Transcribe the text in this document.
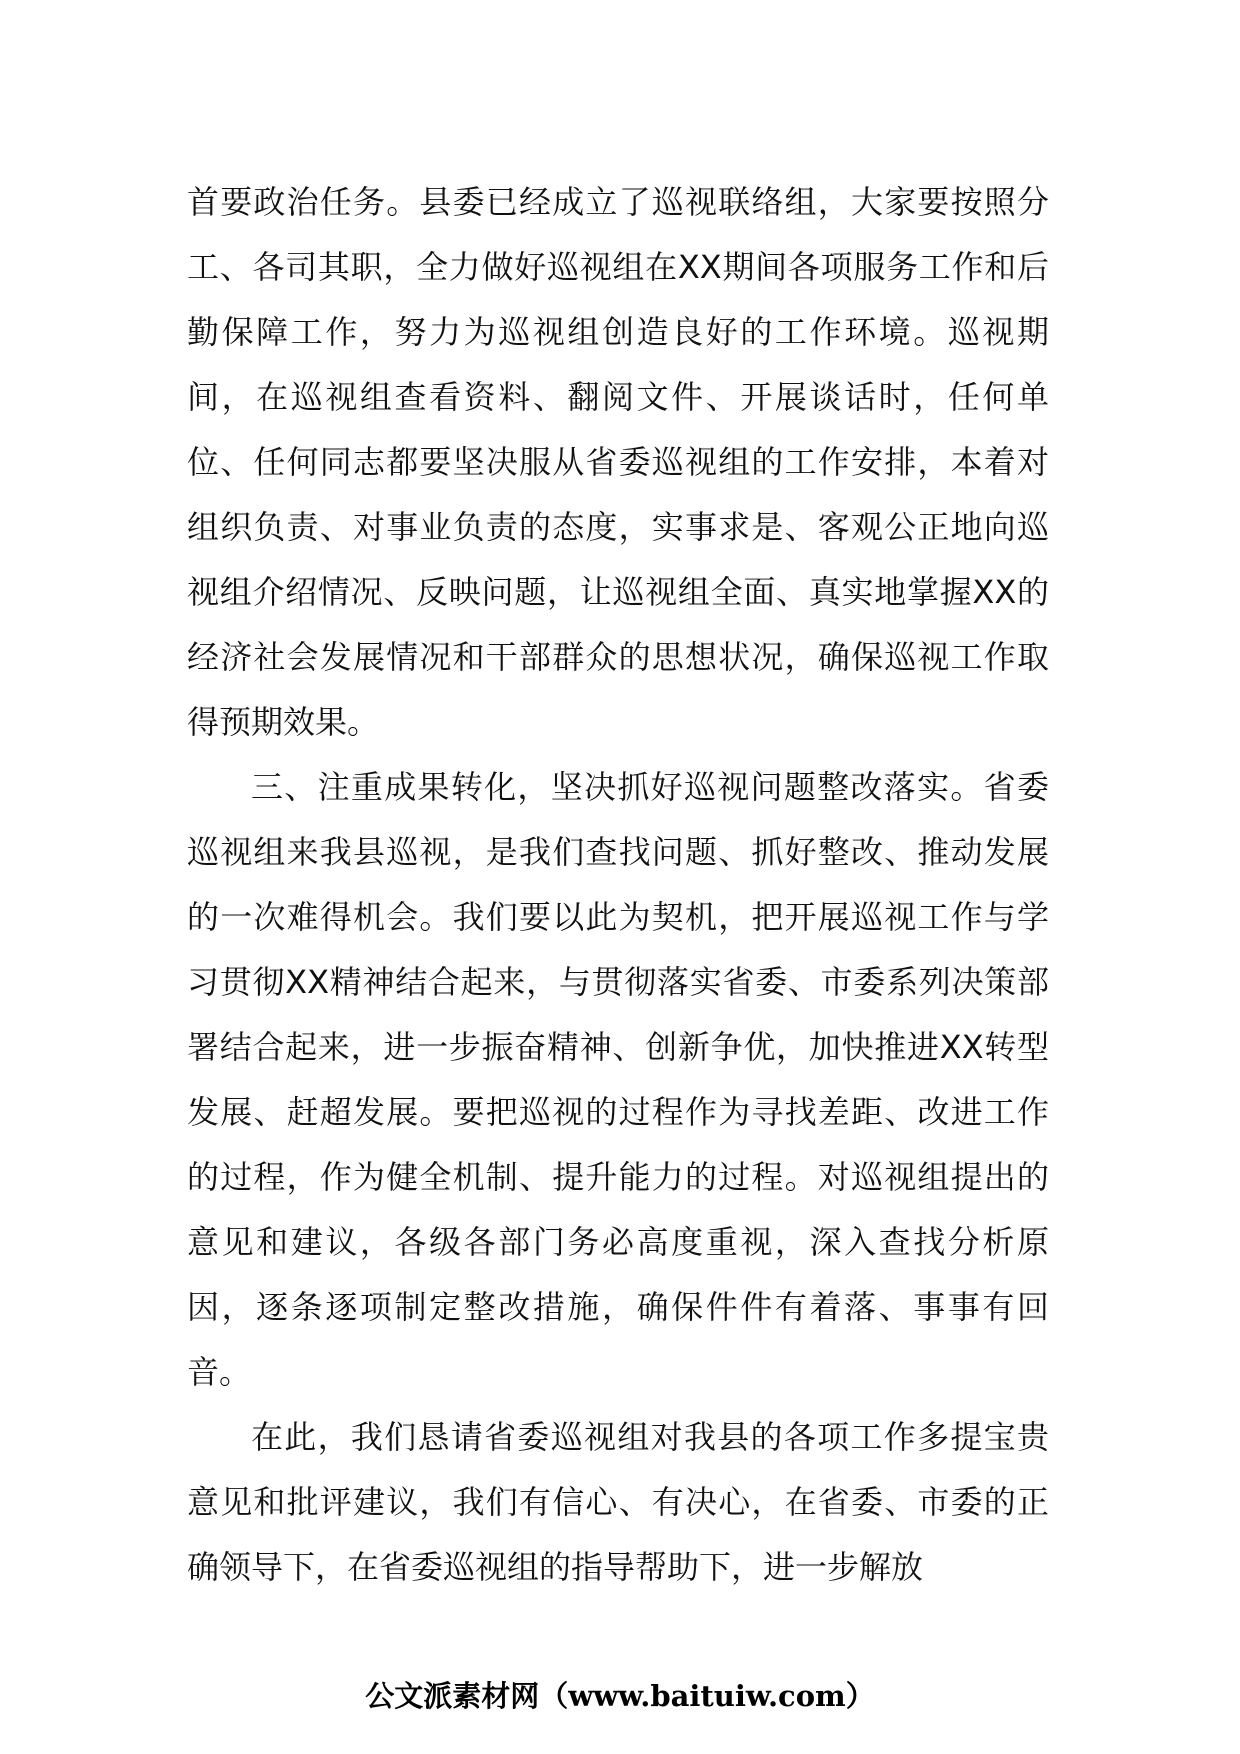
首要政治任务。县委已经成立了巡视联络组，大家要按照分工、各司其职，全力做好巡视组在XX期间各项服务工作和后勤保障工作，努力为巡视组创造良好的工作环境。巡视期间，在巡视组查看资料、翻阅文件、开展谈话时，任何单位、任何同志都要坚决服从省委巡视组的工作安排，本着对组织负责、对事业负责的态度，实事求是、客观公正地向巡视组介绍情况、反映问题，让巡视组全面、真实地掌握XX的经济社会发展情况和干部群众的思想状况，确保巡视工作取得预期效果。

三、注重成果转化，坚决抓好巡视问题整改落实。省委巡视组来我县巡视，是我们查找问题、抓好整改、推动发展的一次难得机会。我们要以此为契机，把开展巡视工作与学习贯彻XX精神结合起来，与贯彻落实省委、市委系列决策部署结合起来，进一步振奋精神、创新争优，加快推进XX转型发展、赶超发展。要把巡视的过程作为寻找差距、改进工作的过程，作为健全机制、提升能力的过程。对巡视组提出的意见和建议，各级各部门务必高度重视，深入查找分析原因，逐条逐项制定整改措施，确保件件有着落、事事有回音。

在此，我们恳请省委巡视组对我县的各项工作多提宝贵意见和批评建议，我们有信心、有决心，在省委、市委的正确领导下，在省委巡视组的指导帮助下，进一步解放

公文派素材网（www.baituiw.com）
